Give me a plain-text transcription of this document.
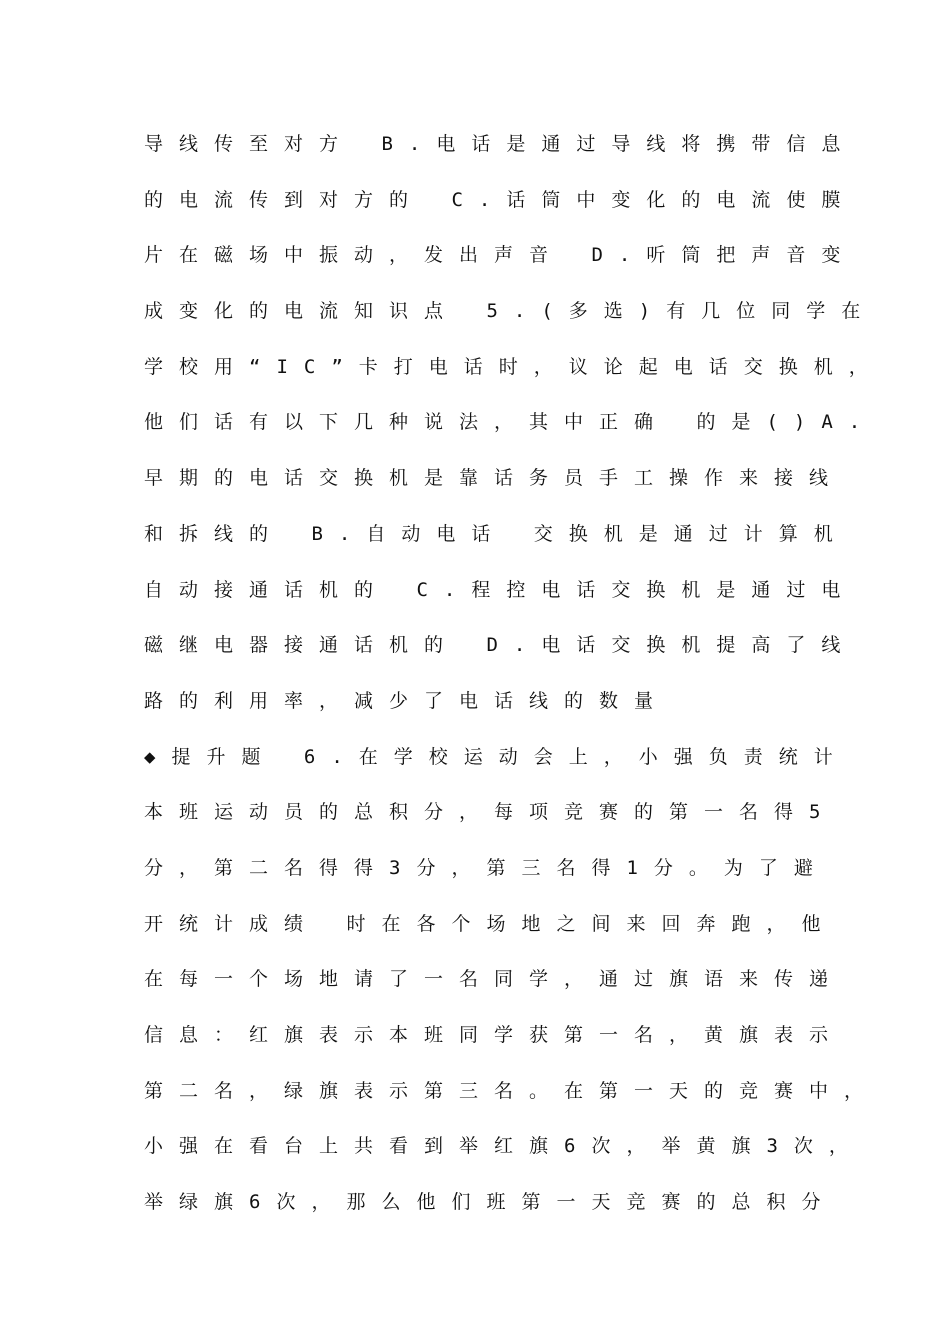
导线传至对方 B.电话是通过导线将携带信息
的电流传到对方的 C.话筒中变化的电流使膜
片在磁场中振动，发出声音 D.听筒把声音变
成变化的电流知识点 5.(多选)有几位同学在
学校用“IC”卡打电话时，议论起电话交换机，
他们话有以下几种说法，其中正确 的是()A.
早期的电话交换机是靠话务员手工操作来接线
和拆线的 B.自动电话 交换机是通过计算机
自动接通话机的 C.程控电话交换机是通过电
磁继电器接通话机的 D.电话交换机提高了线
路的利用率，减少了电话线的数量
◆提升题 6.在学校运动会上，小强负责统计
本班运动员的总积分，每项竞赛的第一名得5
分，第二名得得3分，第三名得1分。为了避
开统计成绩 时在各个场地之间来回奔跑，他
在每一个场地请了一名同学，通过旗语来传递
信息：红旗表示本班同学获第一名，黄旗表示
第二名，绿旗表示第三名。在第一天的竞赛中，
小强在看台上共看到举红旗6次，举黄旗3次，
举绿旗6次，那么他们班第一天竞赛的总积分
